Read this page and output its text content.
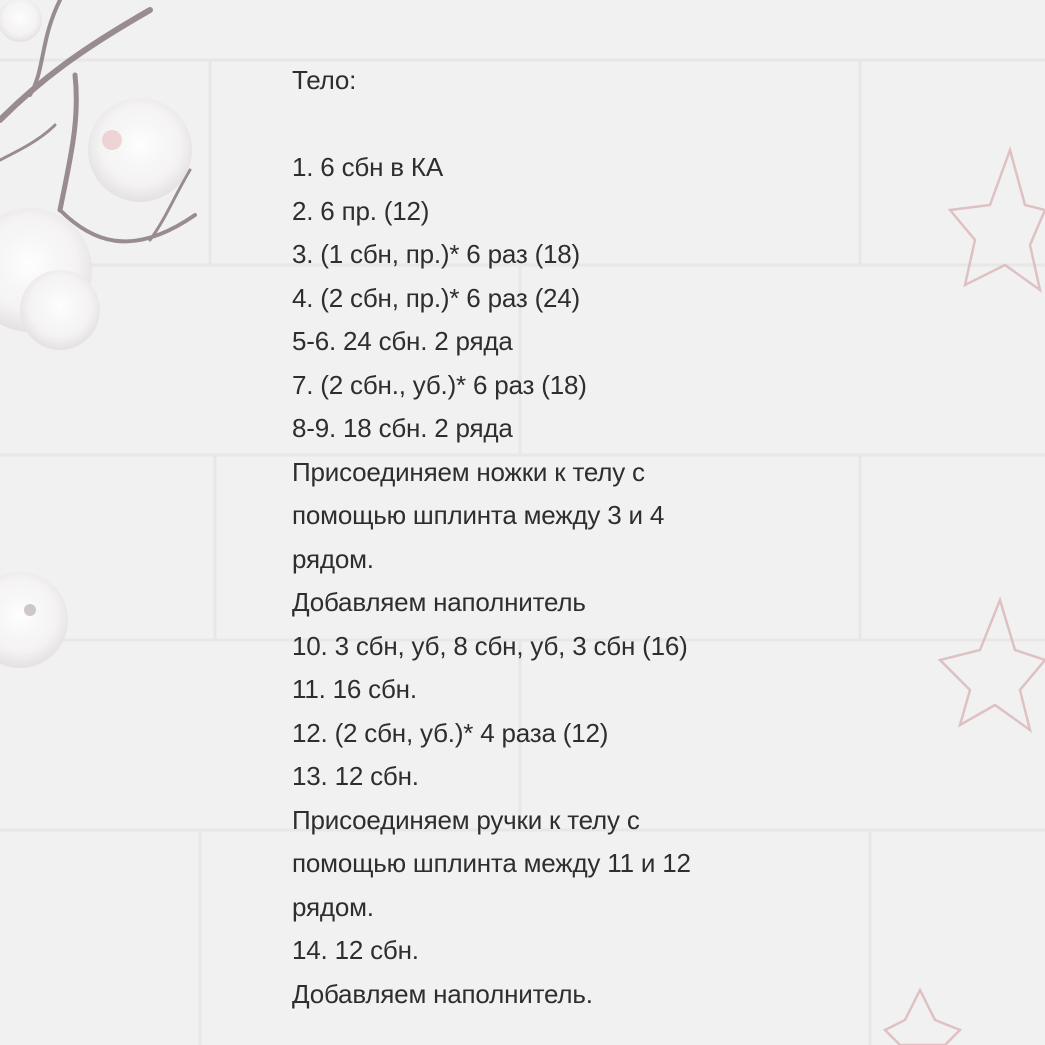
Тело:
1. 6 сбн в КА
2. 6 пр. (12)
3. (1 сбн, пр.)* 6 раз (18)
4. (2 сбн, пр.)* 6 раз (24)
5-6. 24 сбн. 2 ряда
7. (2 сбн., уб.)* 6 раз (18)
8-9. 18 сбн. 2 ряда
Присоединяем ножки к телу с
помощью шплинта между 3 и 4
рядом.
Добавляем наполнитель
10. 3 сбн, уб, 8 сбн, уб, 3 сбн (16)
11. 16 сбн.
12. (2 сбн, уб.)* 4 раза (12)
13. 12 сбн.
Присоединяем ручки к телу с
помощью шплинта между 11 и 12
рядом.
14. 12 сбн.
Добавляем наполнитель.
